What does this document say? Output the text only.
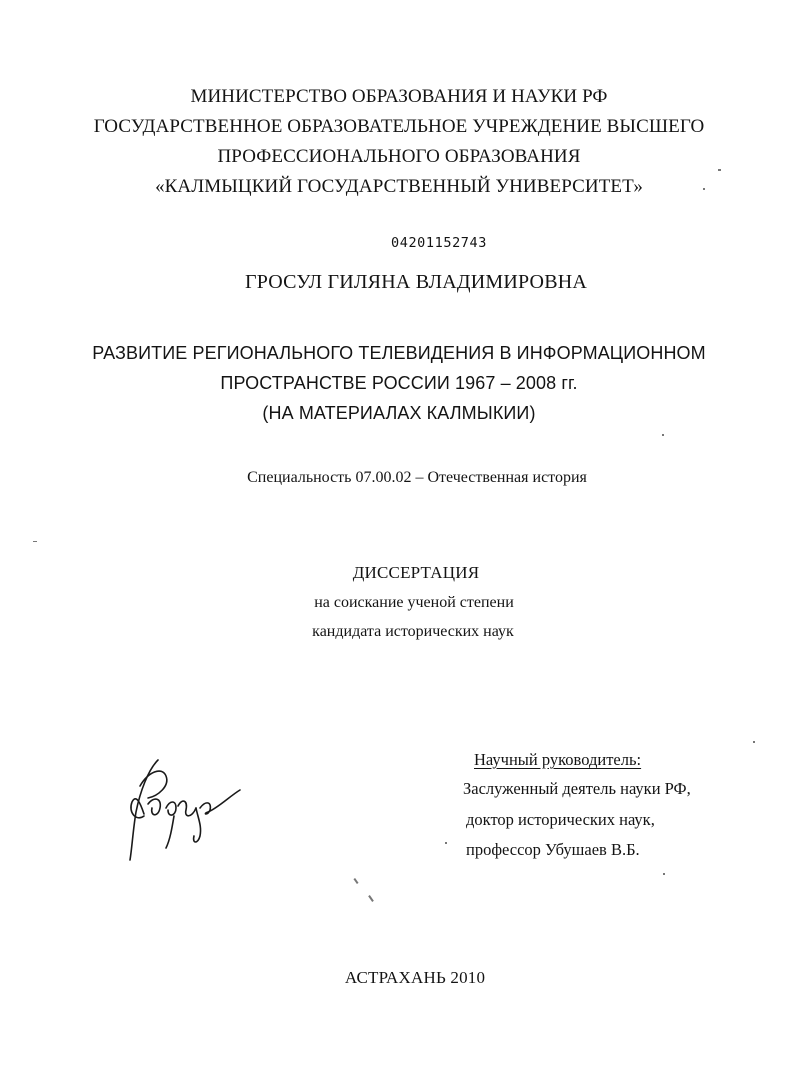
МИНИСТЕРСТВО ОБРАЗОВАНИЯ И НАУКИ РФ
ГОСУДАРСТВЕННОЕ ОБРАЗОВАТЕЛЬНОЕ УЧРЕЖДЕНИЕ ВЫСШЕГО
ПРОФЕССИОНАЛЬНОГО ОБРАЗОВАНИЯ
«КАЛМЫЦКИЙ ГОСУДАРСТВЕННЫЙ УНИВЕРСИТЕТ»
04201152743
ГРОСУЛ ГИЛЯНА ВЛАДИМИРОВНА
РАЗВИТИЕ РЕГИОНАЛЬНОГО ТЕЛЕВИДЕНИЯ В ИНФОРМАЦИОННОМ
ПРОСТРАНСТВЕ РОССИИ 1967 – 2008 гг.
(НА МАТЕРИАЛАХ КАЛМЫКИИ)
Специальность 07.00.02 – Отечественная история
ДИССЕРТАЦИЯ
на соискание ученой степени
кандидата исторических наук
Научный руководитель:
Заслуженный деятель науки РФ,
доктор исторических наук,
профессор Убушаев В.Б.
АСТРАХАНЬ 2010
